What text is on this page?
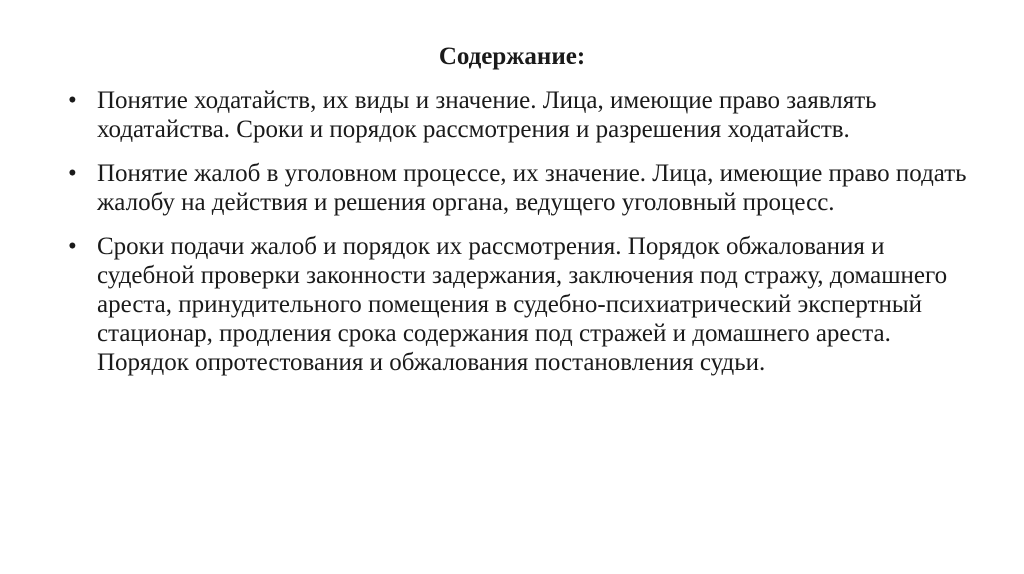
Содержание:
• Понятие ходатайств, их виды и значение. Лица, имеющие право заявлять ходатайства. Сроки и порядок рассмотрения и разрешения ходатайств.
• Понятие жалоб в уголовном процессе, их значение. Лица, имеющие право подать жалобу на действия и решения органа, ведущего уголовный процесс.
• Сроки подачи жалоб и порядок их рассмотрения. Порядок обжалования и судебной проверки законности задержания, заключения под стражу, домашнего ареста, принудительного помещения в судебно-психиатрический экспертный стационар, продления срока содержания под стражей и домашнего ареста. Порядок опротестования и обжалования постановления судьи.
